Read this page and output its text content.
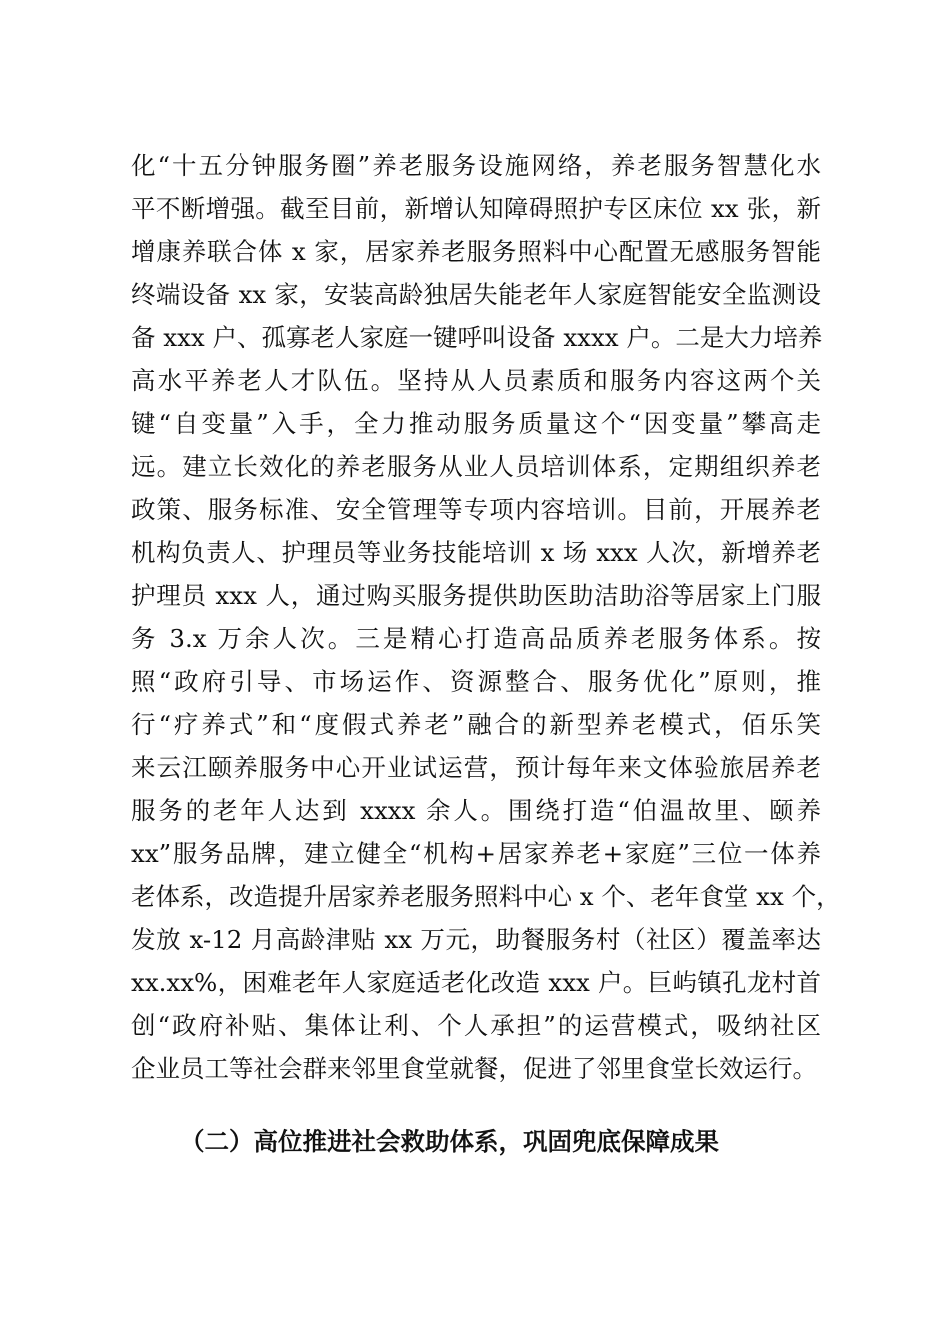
化“十五分钟服务圈”养老服务设施网络，养老服务智慧化水
平不断增强。截至目前，新增认知障碍照护专区床位 xx 张，新
增康养联合体 x 家，居家养老服务照料中心配置无感服务智能
终端设备 xx 家，安装高龄独居失能老年人家庭智能安全监测设
备 xxx 户、孤寡老人家庭一键呼叫设备 xxxx 户。二是大力培养
高水平养老人才队伍。坚持从人员素质和服务内容这两个关
键“自变量”入手，全力推动服务质量这个“因变量”攀高走
远。建立长效化的养老服务从业人员培训体系，定期组织养老
政策、服务标准、安全管理等专项内容培训。目前，开展养老
机构负责人、护理员等业务技能培训 x 场 xxx 人次，新增养老
护理员 xxx 人，通过购买服务提供助医助洁助浴等居家上门服
务 3.x 万余人次。三是精心打造高品质养老服务体系。按
照“政府引导、市场运作、资源整合、服务优化”原则，推
行“疗养式”和“度假式养老”融合的新型养老模式，佰乐笑
来云江颐养服务中心开业试运营，预计每年来文体验旅居养老
服务的老年人达到 xxxx 余人。围绕打造“伯温故里、颐养
xx”服务品牌，建立健全“机构+居家养老+家庭”三位一体养
老体系，改造提升居家养老服务照料中心 x 个、老年食堂 xx 个，
发放 x-12 月高龄津贴 xx 万元，助餐服务村（社区）覆盖率达
xx.xx%，困难老年人家庭适老化改造 xxx 户。巨屿镇孔龙村首
创“政府补贴、集体让利、个人承担”的运营模式，吸纳社区
企业员工等社会群来邻里食堂就餐，促进了邻里食堂长效运行。
（二）高位推进社会救助体系，巩固兜底保障成果
